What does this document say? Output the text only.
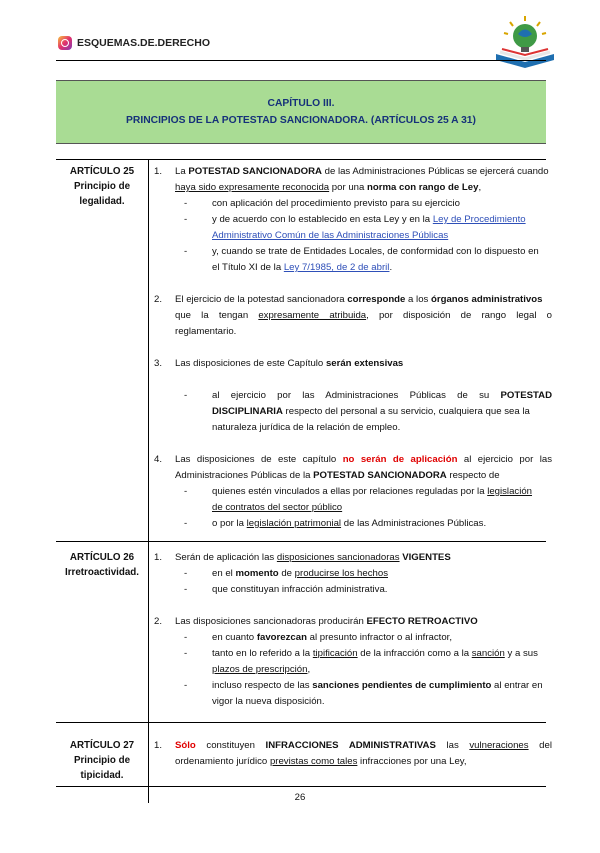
ESQUEMAS.DE.DERECHO
CAPÍTULO III.
PRINCIPIOS DE LA POTESTAD SANCIONADORA. (ARTÍCULOS 25 A 31)
ARTÍCULO 25
Principio de
legalidad.
1. La POTESTAD SANCIONADORA de las Administraciones Públicas se ejercerá cuando
haya sido expresamente reconocida por una norma con rango de Ley,
-	con aplicación del procedimiento previsto para su ejercicio
-	y de acuerdo con lo establecido en esta Ley y en la Ley de Procedimiento
Administrativo Común de las Administraciones Públicas
-	y, cuando se trate de Entidades Locales, de conformidad con lo dispuesto en
el Título XI de la Ley 7/1985, de 2 de abril.
2. El ejercicio de la potestad sancionadora corresponde a los órganos administrativos
que la tengan expresamente atribuida, por disposición de rango legal o
reglamentario.
3. Las disposiciones de este Capítulo serán extensivas
-	al ejercicio por las Administraciones Públicas de su POTESTAD
DISCIPLINARIA respecto del personal a su servicio, cualquiera que sea la
naturaleza jurídica de la relación de empleo.
4. Las disposiciones de este capítulo no serán de aplicación al ejercicio por las
Administraciones Públicas de la POTESTAD SANCIONADORA respecto de
-	quienes estén vinculados a ellas por relaciones reguladas por la legislación
de contratos del sector público
-	o por la legislación patrimonial de las Administraciones Públicas.
ARTÍCULO 26
Irretroactividad.
1. Serán de aplicación las disposiciones sancionadoras VIGENTES
-	en el momento de producirse los hechos
-	que constituyan infracción administrativa.
2. Las disposiciones sancionadoras producirán EFECTO RETROACTIVO
-	en cuanto favorezcan al presunto infractor o al infractor,
-	tanto en lo referido a la tipificación de la infracción como a la sanción y a sus
plazos de prescripción,
-	incluso respecto de las sanciones pendientes de cumplimiento al entrar en
vigor la nueva disposición.
ARTÍCULO 27
Principio de
tipicidad.
1. Sólo constituyen INFRACCIONES ADMINISTRATIVAS las vulneraciones del
ordenamiento jurídico previstas como tales infracciones por una Ley,
26
